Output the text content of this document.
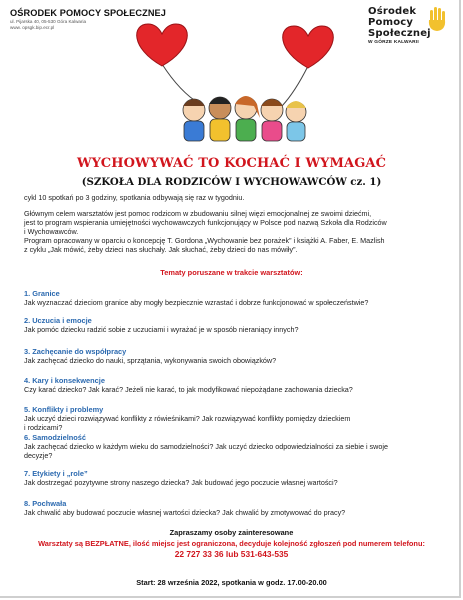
OŚRODEK POMOCY SPOŁECZNEJ
ul. Pijarska 40, 05-530 Góra Kalwaria
www. opsgk.bip.ecr.pl
Ośrodek
Pomocy
Społecznej
W GÓRZE KALWARII
WYCHOWYWAĆ TO KOCHAĆ I WYMAGAĆ
(SZKOŁA DLA RODZICÓW I WYCHOWAWCÓW cz. 1)
cykl 10 spotkań po 3 godziny, spotkania odbywają się raz w tygodniu.
Głównym celem warsztatów jest pomoc rodzicom w zbudowaniu silnej więzi emocjonalnej ze swoimi dziećmi,
jest to program wspierania umiejętności wychowawczych funkcjonujący w Polsce pod nazwą Szkoła dla Rodziców
i Wychowawców.
Program opracowany w oparciu o koncepcję T. Gordona „Wychowanie bez porażek” i książki A. Faber, E. Mazlish
z cyklu „Jak mówić, żeby dzieci nas słuchały. Jak słuchać, żeby dzieci do nas mówiły”.
Tematy poruszane w trakcie warsztatów:
1. Granice
Jak wyznaczać dzieciom granice aby mogły bezpiecznie wzrastać i dobrze funkcjonować w społeczeństwie?
2. Uczucia i emocje
Jak pomóc dziecku radzić sobie z uczuciami i wyrażać je w sposób nieraniący innych?
3. Zachęcanie do współpracy
Jak zachęcać dziecko do nauki, sprzątania, wykonywania swoich obowiązków?
4. Kary i konsekwencje
Czy karać dziecko? Jak karać? Jeżeli nie karać, to jak modyfikować niepożądane zachowania dziecka?
5. Konflikty i problemy
Jak uczyć dzieci rozwiązywać konflikty z rówieśnikami? Jak rozwiązywać konflikty pomiędzy dzieckiem
i rodzicami?
6. Samodzielność
Jak zachęcać dziecko w każdym wieku do samodzielności? Jak uczyć dziecko odpowiedzialności za siebie i swoje
decyzje?
7. Etykiety i „role”
Jak dostrzegać pozytywne strony naszego dziecka? Jak budować jego poczucie własnej wartości?
8. Pochwała
Jak chwalić aby budować poczucie własnej wartości dziecka? Jak chwalić by zmotywować do pracy?
Zapraszamy osoby zainteresowane
Warsztaty są BEZPŁATNE, ilość miejsc jest ograniczona, decyduje kolejność zgłoszeń pod numerem telefonu:
22 727 33 36 lub 531-643-535
Start: 28 września 2022, spotkania w godz. 17.00-20.00
